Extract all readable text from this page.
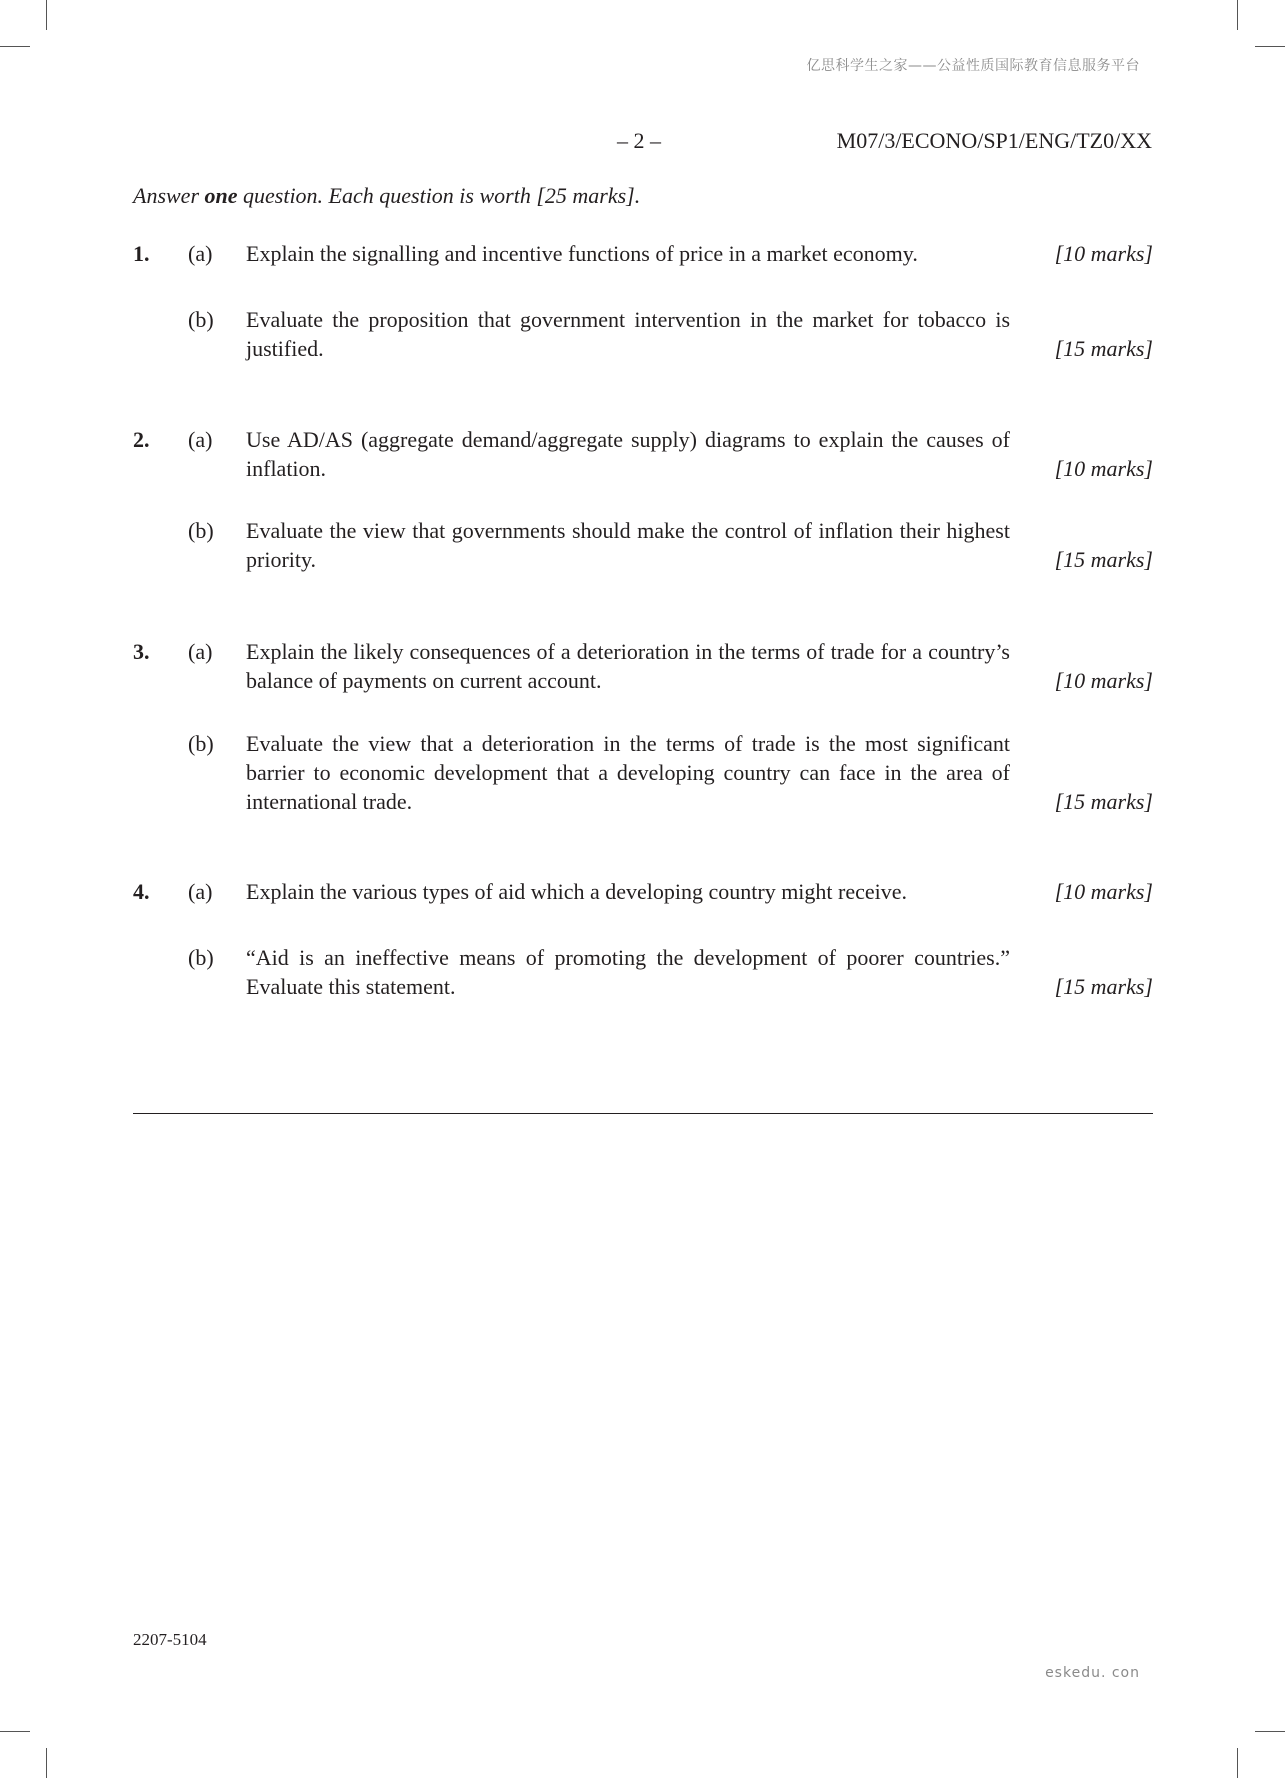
亿思科学生之家——公益性质国际教育信息服务平台
– 2 –	M07/3/ECONO/SP1/ENG/TZ0/XX
Answer one question. Each question is worth [25 marks].
1. (a) Explain the signalling and incentive functions of price in a market economy.	[10 marks]
(b) Evaluate the proposition that government intervention in the market for tobacco is justified.	[15 marks]
2. (a) Use AD/AS (aggregate demand/aggregate supply) diagrams to explain the causes of inflation.	[10 marks]
(b) Evaluate the view that governments should make the control of inflation their highest priority.	[15 marks]
3. (a) Explain the likely consequences of a deterioration in the terms of trade for a country’s balance of payments on current account.	[10 marks]
(b) Evaluate the view that a deterioration in the terms of trade is the most significant barrier to economic development that a developing country can face in the area of international trade.	[15 marks]
4. (a) Explain the various types of aid which a developing country might receive.	[10 marks]
(b) “Aid is an ineffective means of promoting the development of poorer countries.” Evaluate this statement.	[15 marks]
2207-5104
eskedu. con
